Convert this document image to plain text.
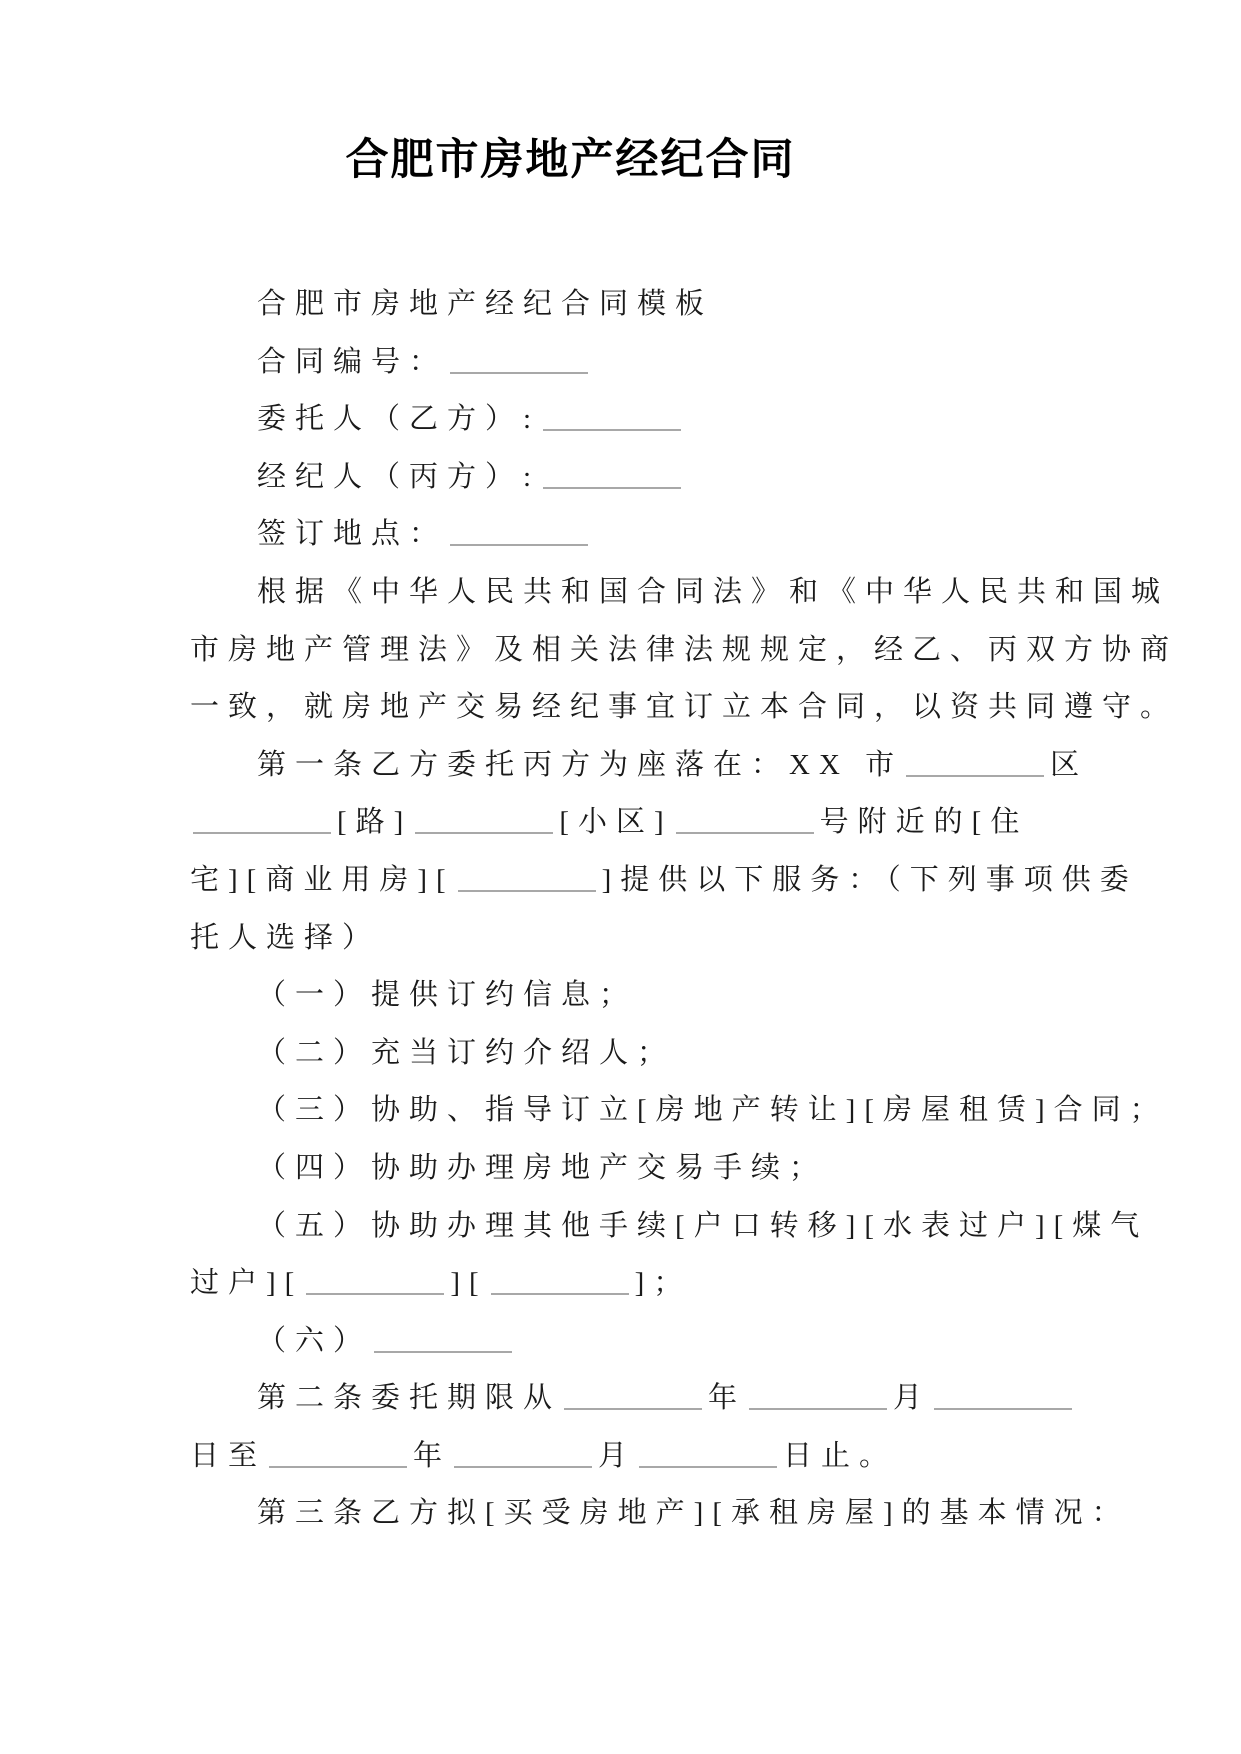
合肥市房地产经纪合同
合肥市房地产经纪合同模板
合同编号：
委托人（乙方）:
经纪人（丙方）:
签订地点：
根据《中华人民共和国合同法》和《中华人民共和国城
市房地产管理法》及相关法律法规规定，经乙、丙双方协商
一致，就房地产交易经纪事宜订立本合同，以资共同遵守。
第一条乙方委托丙方为座落在：XX 市	区
[路]	[小区]	号附近的[住
宅][商业用房][	]提供以下服务：（下列事项供委
托人选择）
（一）提供订约信息；
（二）充当订约介绍人；
（三）协助、指导订立[房地产转让][房屋租赁]合同；
（四）协助办理房地产交易手续；
（五）协助办理其他手续[户口转移][水表过户][煤气
过户][	][	]；
（六）
第二条委托期限从	年	月
日至	年	月	日止。
第三条乙方拟[买受房地产][承租房屋]的基本情况：
